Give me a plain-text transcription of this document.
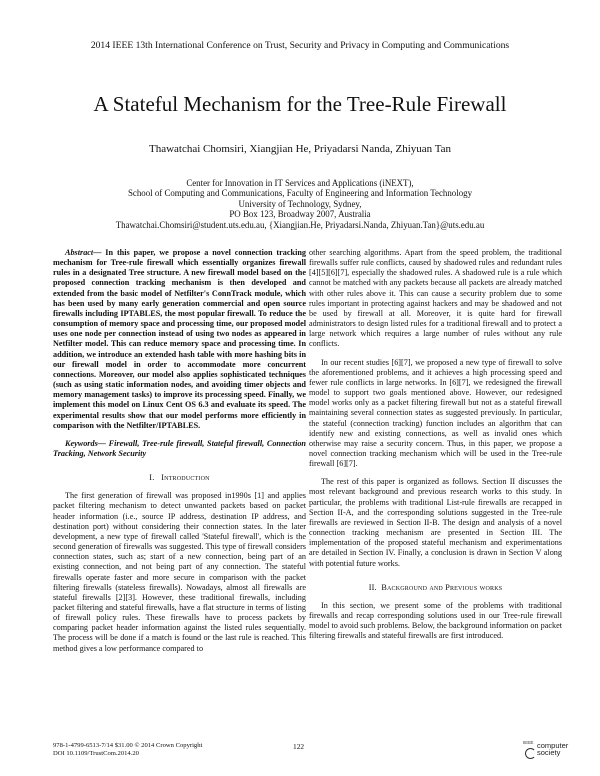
2014 IEEE 13th International Conference on Trust, Security and Privacy in Computing and Communications
A Stateful Mechanism for the Tree-Rule Firewall
Thawatchai Chomsiri, Xiangjian He, Priyadarsi Nanda, Zhiyuan Tan
Center for Innovation in IT Services and Applications (iNEXT),
School of Computing and Communications, Faculty of Engineering and Information Technology
University of Technology, Sydney,
PO Box 123, Broadway 2007, Australia
Thawatchai.Chomsiri@student.uts.edu.au, {Xiangjian.He, Priyadarsi.Nanda, Zhiyuan.Tan}@uts.edu.au

Abstract— In this paper, we propose a novel connection tracking mechanism for Tree-rule firewall which essentially organizes firewall rules in a designated Tree structure. A new firewall model based on the proposed connection tracking mechanism is then developed and extended from the basic model of Netfilter's ConnTrack module, which has been used by many early generation commercial and open source firewalls including IPTABLES, the most popular firewall. To reduce the consumption of memory space and processing time, our proposed model uses one node per connection instead of using two nodes as appeared in Netfilter model. This can reduce memory space and processing time. In addition, we introduce an extended hash table with more hashing bits in our firewall model in order to accommodate more concurrent connections. Moreover, our model also applies sophisticated techniques (such as using static information nodes, and avoiding timer objects and memory management tasks) to improve its processing speed. Finally, we implement this model on Linux Cent OS 6.3 and evaluate its speed. The experimental results show that our model performs more efficiently in comparison with the Netfilter/IPTABLES.

Keywords— Firewall, Tree-rule firewall, Stateful firewall, Connection Tracking, Network Security

I. Introduction

The first generation of firewall was proposed in1990s [1] and applies packet filtering mechanism to detect unwanted packets based on packet header information (i.e., source IP address, destination IP address, and destination port) without considering their connection states. In the later development, a new type of firewall called 'Stateful firewall', which is the second generation of firewalls was suggested. This type of firewall considers connection states, such as; start of a new connection, being part of an existing connection, and not being part of any connection. The stateful firewalls operate faster and more secure in comparison with the packet filtering firewalls (stateless firewalls). Nowadays, almost all firewalls are stateful firewalls [2][3]. However, these traditional firewalls, including packet filtering and stateful firewalls, have a flat structure in terms of listing of firewall policy rules. These firewalls have to process packets by comparing packet header information against the listed rules sequentially. The process will be done if a match is found or the last rule is reached. This method gives a low performance compared to

other searching algorithms. Apart from the speed problem, the traditional firewalls suffer rule conflicts, caused by shadowed rules and redundant rules [4][5][6][7], especially the shadowed rules. A shadowed rule is a rule which cannot be matched with any packets because all packets are already matched with other rules above it. This can cause a security problem due to some rules important in protecting against hackers and may be shadowed and not be used by firewall at all. Moreover, it is quite hard for firewall administrators to design listed rules for a traditional firewall and to protect a large network which requires a large number of rules without any rule conflicts.

In our recent studies [6][7], we proposed a new type of firewall to solve the aforementioned problems, and it achieves a high processing speed and fewer rule conflicts in large networks. In [6][7], we redesigned the firewall model to support two goals mentioned above. However, our redesigned model works only as a packet filtering firewall but not as a stateful firewall maintaining several connection states as suggested previously. In particular, the stateful (connection tracking) function includes an algorithm that can identify new and existing connections, as well as invalid ones which otherwise may raise a security concern. Thus, in this paper, we propose a novel connection tracking mechanism which will be used in the Tree-rule firewall [6][7].

The rest of this paper is organized as follows. Section II discusses the most relevant background and previous research works to this study. In particular, the problems with traditional List-rule firewalls are recapped in Section II-A, and the corresponding solutions suggested in the Tree-rule firewalls are reviewed in Section II-B. The design and analysis of a novel connection tracking mechanism are presented in Section III. The implementation of the proposed stateful mechanism and experimentations are detailed in Section IV. Finally, a conclusion is drawn in Section V along with potential future works.

II. Background and Previous works

In this section, we present some of the problems with traditional firewalls and recap corresponding solutions used in our Tree-rule firewall model to avoid such problems. Below, the background information on packet filtering firewalls and stateful firewalls are first introduced.

978-1-4799-6513-7/14 $31.00 © 2014 Crown Copyright
DOI 10.1109/TrustCom.2014.20
122	IEEE computer
society
